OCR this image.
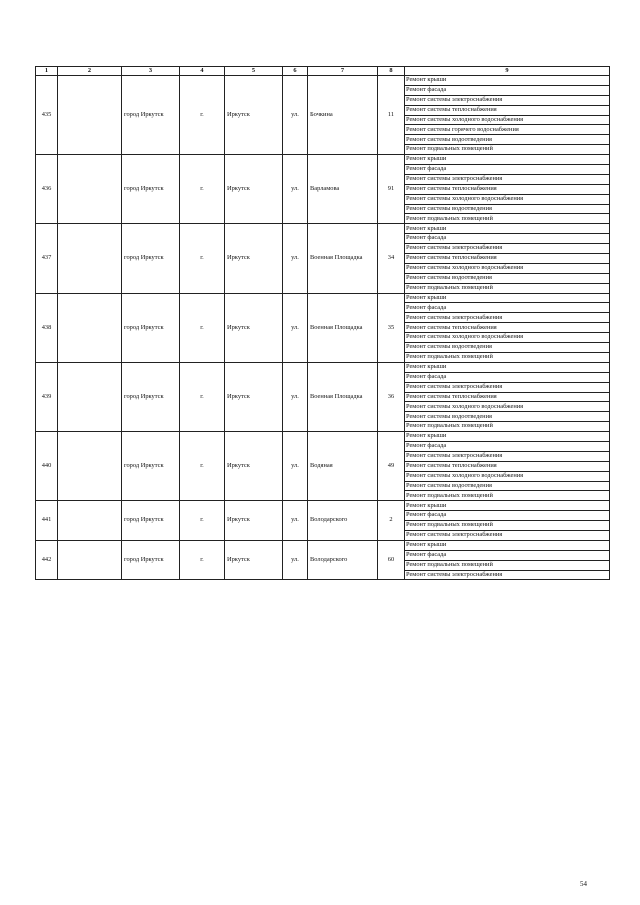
1	2	3	4	5	6	7	8	9
435		город Иркутск	г.	Иркутск	ул.	Бочкина	11	Ремонт крыши
								Ремонт фасада
								Ремонт системы электроснабжения
								Ремонт системы теплоснабжения
								Ремонт системы холодного водоснабжения
								Ремонт системы горячего водоснабжения
								Ремонт системы водоотведения
								Ремонт подвальных помещений
436		город Иркутск	г.	Иркутск	ул.	Варламова	91	Ремонт крыши
								Ремонт фасада
								Ремонт системы электроснабжения
								Ремонт системы теплоснабжения
								Ремонт системы холодного водоснабжения
								Ремонт системы водоотведения
								Ремонт подвальных помещений
437		город Иркутск	г.	Иркутск	ул.	Военная Площадка	34	Ремонт крыши
								Ремонт фасада
								Ремонт системы электроснабжения
								Ремонт системы теплоснабжения
								Ремонт системы холодного водоснабжения
								Ремонт системы водоотведения
								Ремонт подвальных помещений
438		город Иркутск	г.	Иркутск	ул.	Военная Площадка	35	Ремонт крыши
								Ремонт фасада
								Ремонт системы электроснабжения
								Ремонт системы теплоснабжения
								Ремонт системы холодного водоснабжения
								Ремонт системы водоотведения
								Ремонт подвальных помещений
439		город Иркутск	г.	Иркутск	ул.	Военная Площадка	36	Ремонт крыши
								Ремонт фасада
								Ремонт системы электроснабжения
								Ремонт системы теплоснабжения
								Ремонт системы холодного водоснабжения
								Ремонт системы водоотведения
								Ремонт подвальных помещений
440		город Иркутск	г.	Иркутск	ул.	Водяная	49	Ремонт крыши
								Ремонт фасада
								Ремонт системы электроснабжения
								Ремонт системы теплоснабжения
								Ремонт системы холодного водоснабжения
								Ремонт системы водоотведения
								Ремонт подвальных помещений
441		город Иркутск	г.	Иркутск	ул.	Володарского	2	Ремонт крыши
								Ремонт фасада
								Ремонт подвальных помещений
								Ремонт системы электроснабжения
442		город Иркутск	г.	Иркутск	ул.	Володарского	60	Ремонт крыши
								Ремонт фасада
								Ремонт подвальных помещений
								Ремонт системы электроснабжения
54
